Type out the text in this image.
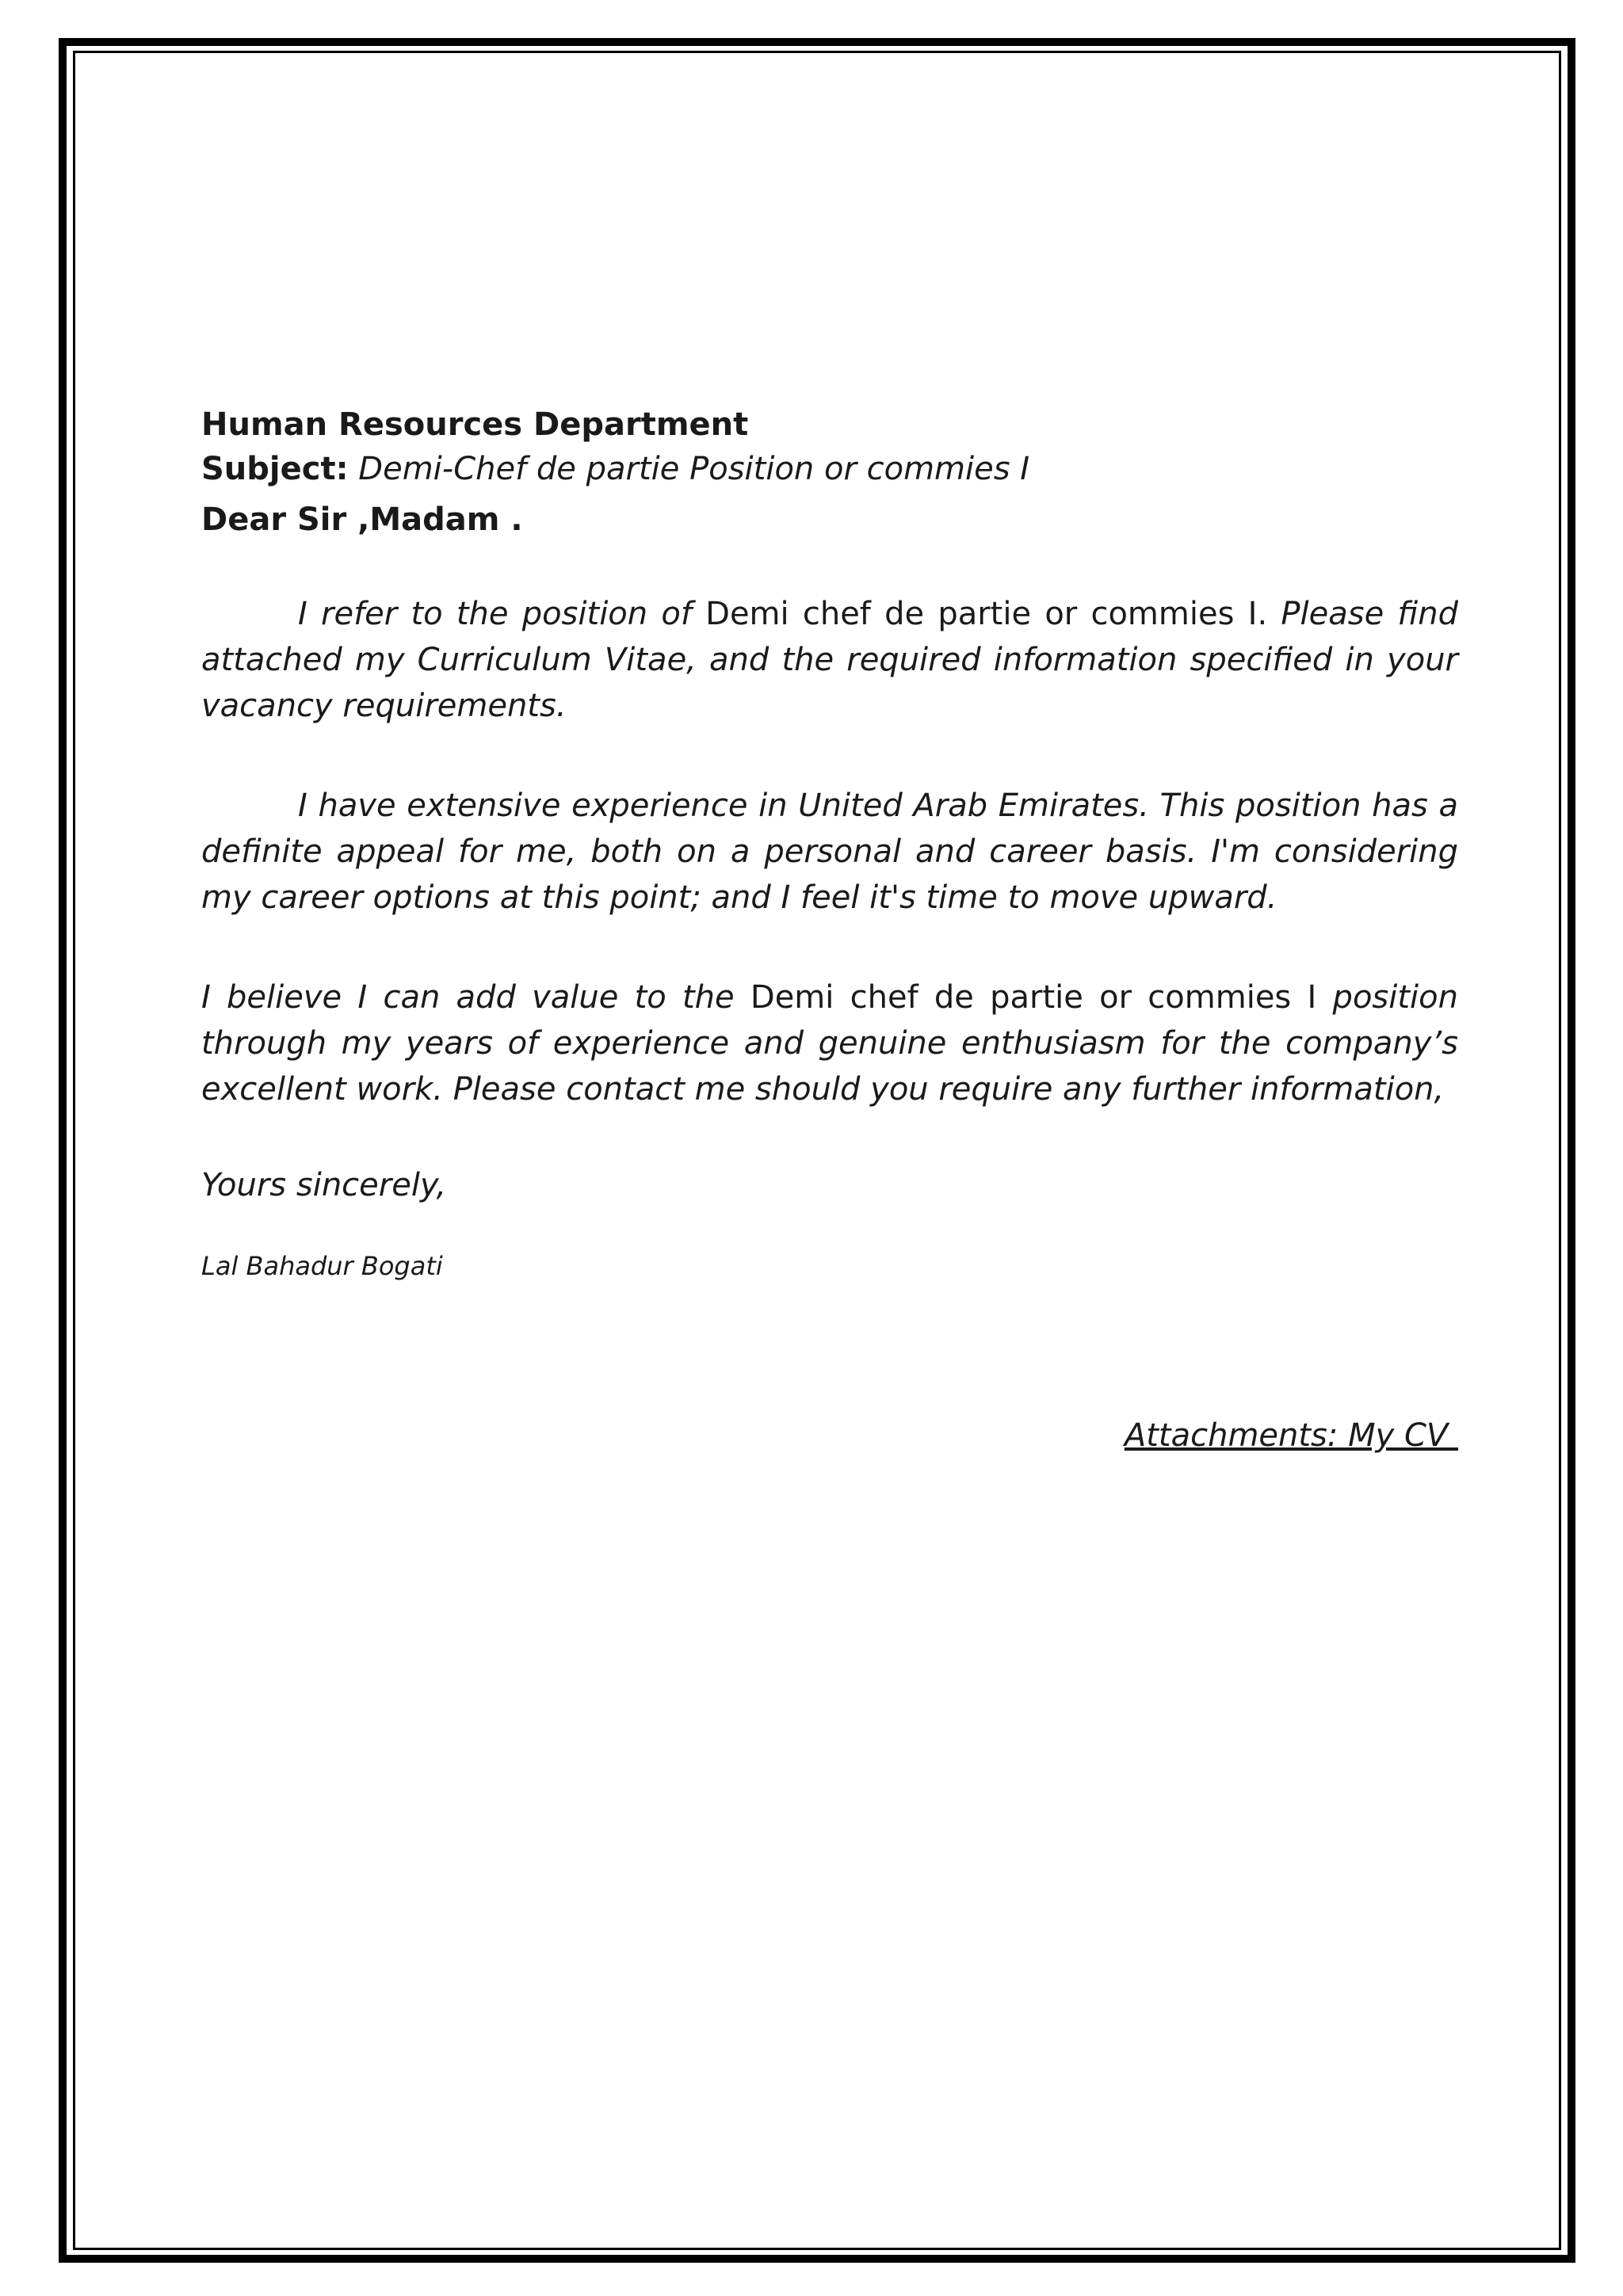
Human Resources Department

Subject: Demi-Chef de partie Position or commies I

Dear Sir ,Madam .

I refer to the position of Demi chef de partie or commies I. Please find attached my Curriculum Vitae, and the required information specified in your vacancy requirements.

I have extensive experience in United Arab Emirates. This position has a definite appeal for me, both on a personal and career basis. I'm considering my career options at this point; and I feel it's time to move upward.

I believe I can add value to the Demi chef de partie or commies I position through my years of experience and genuine enthusiasm for the company’s excellent work. Please contact me should you require any further information,

Yours sincerely,

Lal Bahadur Bogati

Attachments: My CV
